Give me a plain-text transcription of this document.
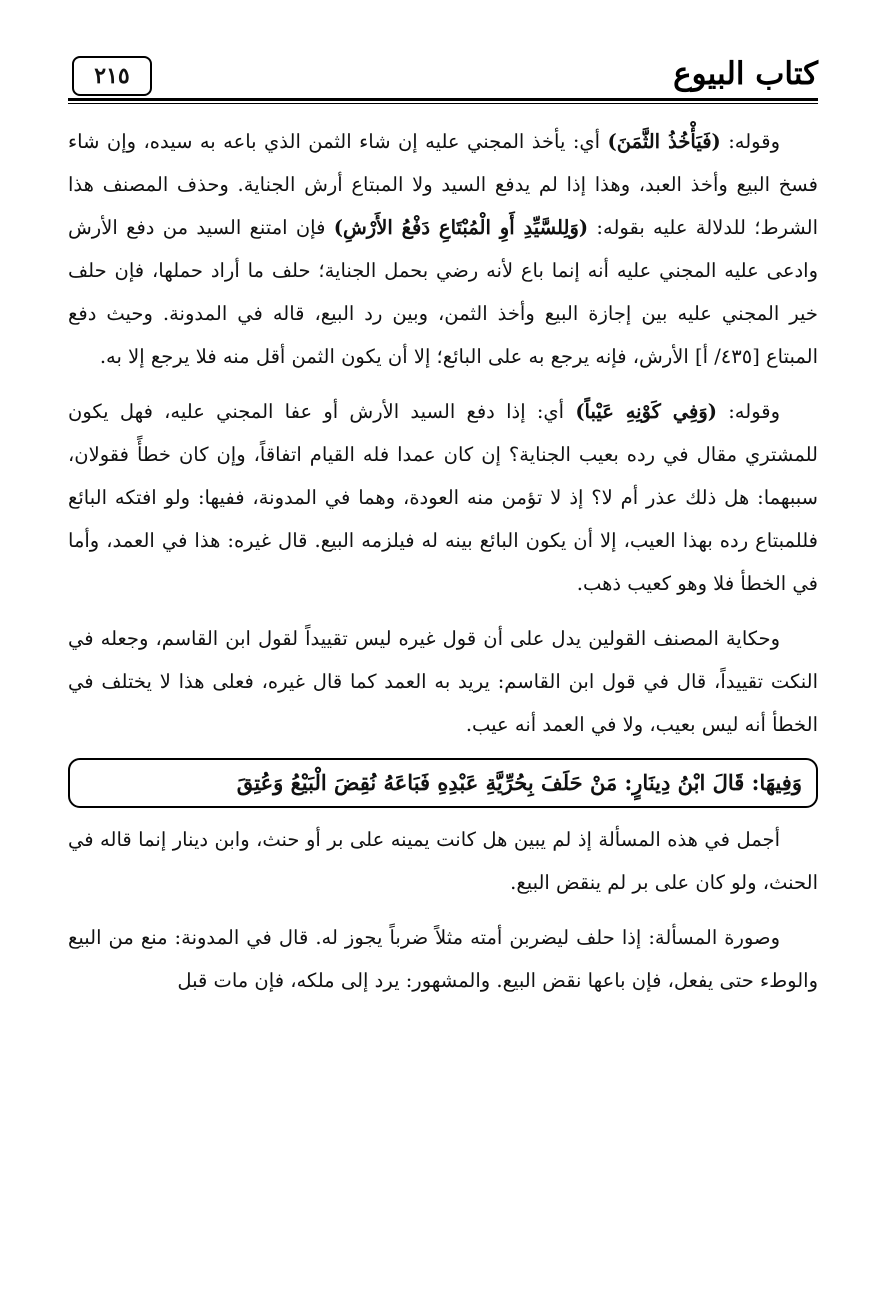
كتاب البيوع
٢١٥

وقوله: (فَيَأْخُذُ الثَّمَنَ) أي: يأخذ المجني عليه إن شاء الثمن الذي باعه به سيده، وإن شاء فسخ البيع وأخذ العبد، وهذا إذا لم يدفع السيد ولا المبتاع أرش الجناية. وحذف المصنف هذا الشرط؛ للدلالة عليه بقوله: (وَلِلسَّيِّدِ أَوِ الْمُبْتَاعِ دَفْعُ الأَرْشِ) فإن امتنع السيد من دفع الأرش وادعى عليه المجني عليه أنه إنما باع لأنه رضي بحمل الجناية؛ حلف ما أراد حملها، فإن حلف خير المجني عليه بين إجازة البيع وأخذ الثمن، وبين رد البيع، قاله في المدونة. وحيث دفع المبتاع [٤٣٥/ أ] الأرش، فإنه يرجع به على البائع؛ إلا أن يكون الثمن أقل منه فلا يرجع إلا به.

وقوله: (وَفِي كَوْنِهِ عَيْباً) أي: إذا دفع السيد الأرش أو عفا المجني عليه، فهل يكون للمشتري مقال في رده بعيب الجناية؟ إن كان عمدا فله القيام اتفاقاً، وإن كان خطأً فقولان، سببهما: هل ذلك عذر أم لا؟ إذ لا تؤمن منه العودة، وهما في المدونة، ففيها: ولو افتكه البائع فللمبتاع رده بهذا العيب، إلا أن يكون البائع بينه له فيلزمه البيع. قال غيره: هذا في العمد، وأما في الخطأ فلا وهو كعيب ذهب.

وحكاية المصنف القولين يدل على أن قول غيره ليس تقييداً لقول ابن القاسم، وجعله في النكت تقييداً، قال في قول ابن القاسم: يريد به العمد كما قال غيره، فعلى هذا لا يختلف في الخطأ أنه ليس بعيب، ولا في العمد أنه عيب.

وَفِيهَا: قَالَ ابْنُ دِينَارٍ: مَنْ حَلَفَ بِحُرِّيَّةِ عَبْدِهِ فَبَاعَهُ نُقِضَ الْبَيْعُ وَعُتِقَ

أجمل في هذه المسألة إذ لم يبين هل كانت يمينه على بر أو حنث، وابن دينار إنما قاله في الحنث، ولو كان على بر لم ينقض البيع.

وصورة المسألة: إذا حلف ليضربن أمته مثلاً ضرباً يجوز له. قال في المدونة: منع من البيع والوطء حتى يفعل، فإن باعها نقض البيع. والمشهور: يرد إلى ملكه، فإن مات قبل
